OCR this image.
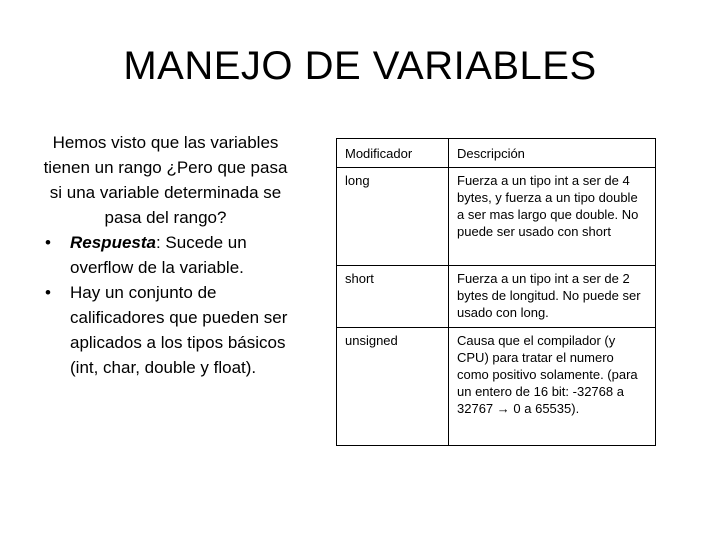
MANEJO DE VARIABLES
Hemos visto que las variables tienen un rango ¿Pero que pasa si una variable determinada se pasa del rango?
•	Respuesta: Sucede un overflow de la variable.
•	Hay un conjunto de calificadores que pueden ser aplicados a los tipos básicos (int, char, double y float).
Modificador	Descripción
long	Fuerza a un tipo int a ser de 4 bytes, y fuerza a un tipo double a ser mas largo que double. No puede ser usado con short
short	Fuerza a un tipo int a ser de 2 bytes de longitud. No puede ser usado con long.
unsigned	Causa que el compilador (y CPU) para tratar el numero como positivo solamente. (para un entero de 16 bit: -32768 a 32767 → 0 a 65535).
